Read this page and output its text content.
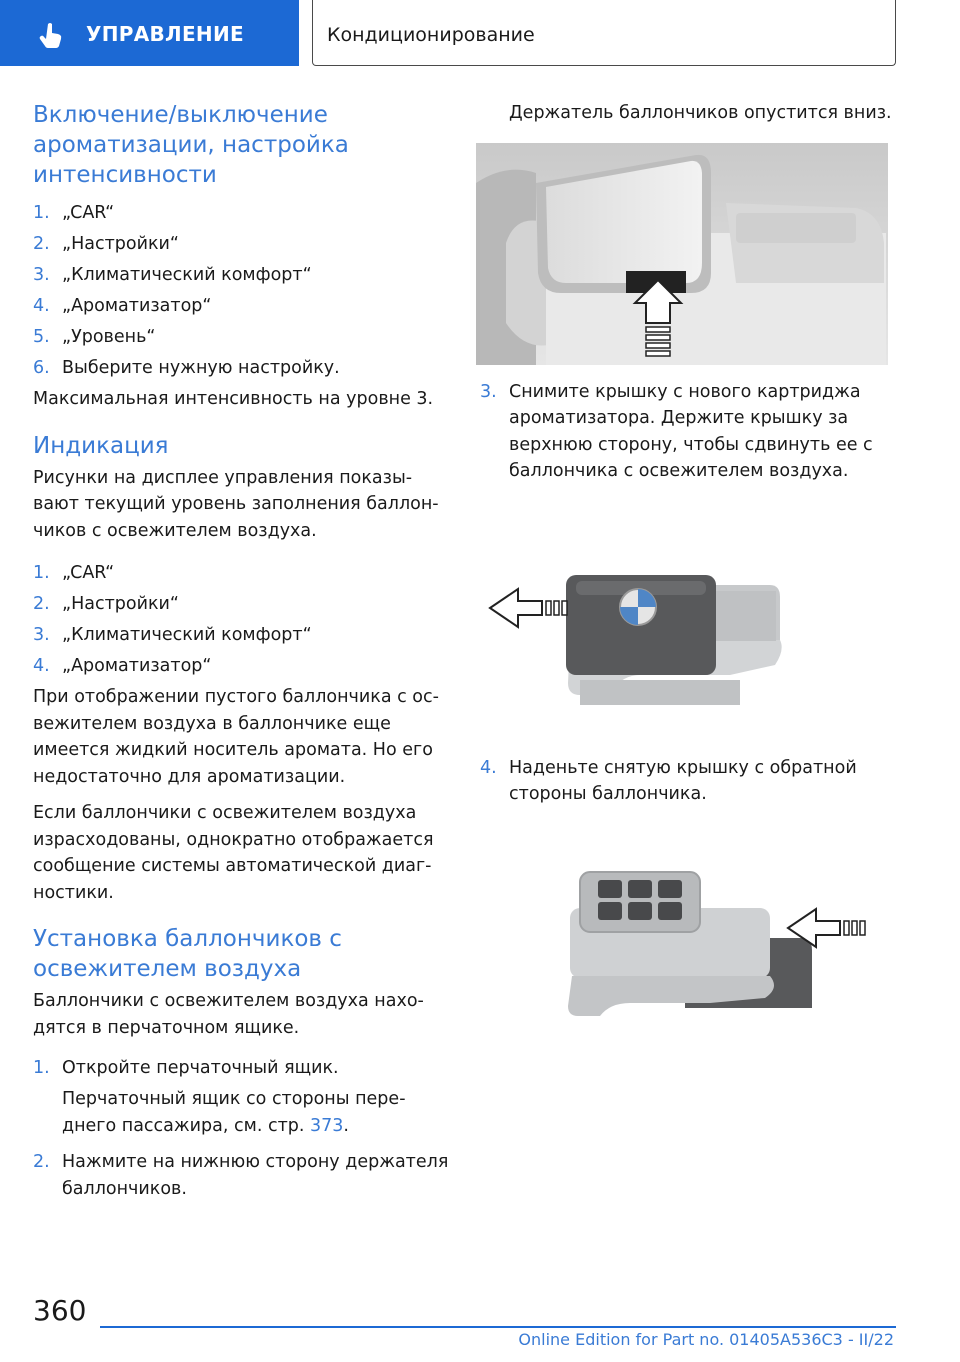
УПРАВЛЕНИЕ	Кондиционирование
Включение/выключение ароматизации, настройка интенсивности
1. „CAR“
2. „Настройки“
3. „Климатический комфорт“
4. „Ароматизатор“
5. „Уровень“
6. Выберите нужную настройку.

Максимальная интенсивность на уровне 3.

Индикация

Рисунки на дисплее управления показывают текущий уровень заполнения баллончиков с освежителем воздуха.

1. „CAR“
2. „Настройки“
3. „Климатический комфорт“
4. „Ароматизатор“

При отображении пустого баллончика с освежителем воздуха в баллончике еще имеется жидкий носитель аромата. Но его недостаточно для ароматизации.

Если баллончики с освежителем воздуха израсходованы, однократно отображается сообщение системы автоматической диагностики.

Установка баллончиков с освежителем воздуха

Баллончики с освежителем воздуха находятся в перчаточном ящике.

1. Откройте перчаточный ящик.

Перчаточный ящик со стороны переднего пассажира, см. стр. 373.

2. Нажмите на нижнюю сторону держателя баллончиков.

Держатель баллончиков опустится вниз.

3. Снимите крышку с нового картриджа ароматизатора. Держите крышку за верхнюю сторону, чтобы сдвинуть ее с баллончика с освежителем воздуха.
4. Наденьте снятую крышку с обратной стороны баллончика.
360
Online Edition for Part no. 01405A536C3 - II/22
